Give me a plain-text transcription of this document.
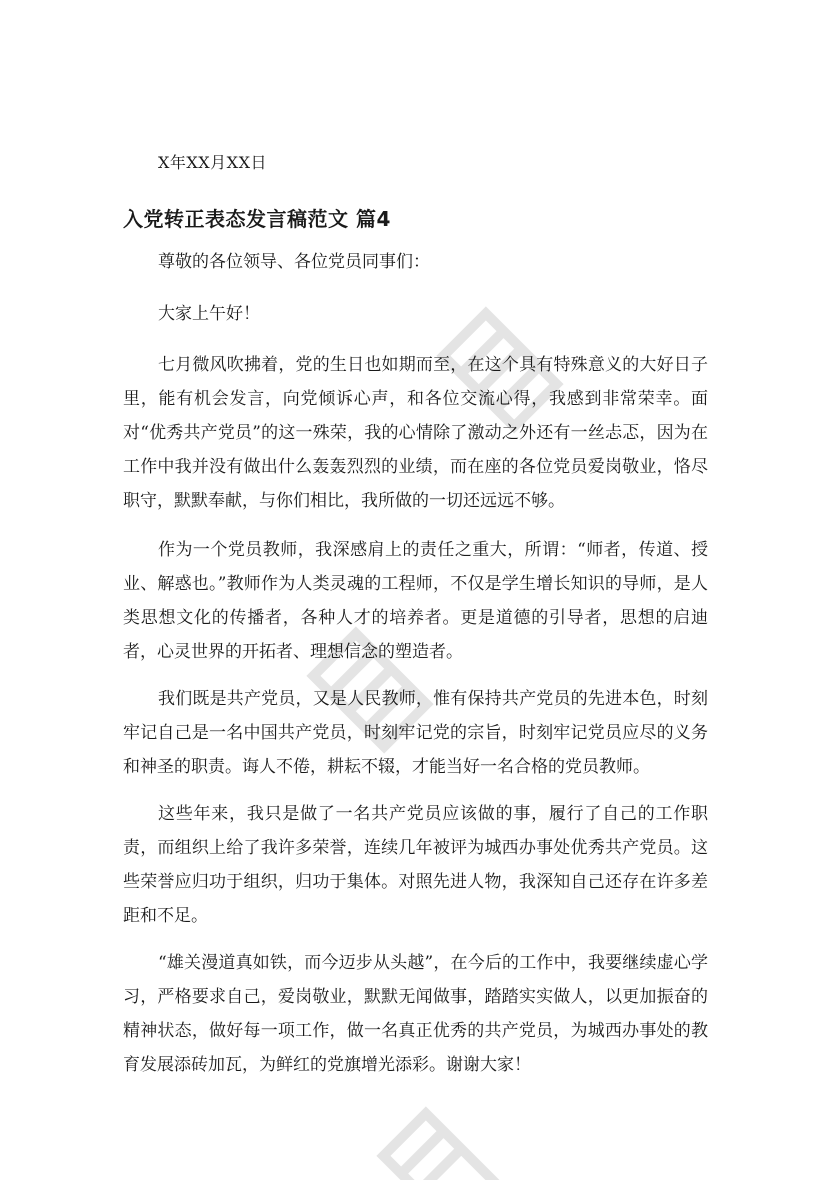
X年XX月XX日
入党转正表态发言稿范文 篇4

尊敬的各位领导、各位党员同事们：

大家上午好！

七月微风吹拂着，党的生日也如期而至，在这个具有特殊意义的大好日子里，能有机会发言，向党倾诉心声，和各位交流心得，我感到非常荣幸。面对“优秀共产党员”的这一殊荣，我的心情除了激动之外还有一丝忐忑，因为在工作中我并没有做出什么轰轰烈烈的业绩，而在座的各位党员爱岗敬业，恪尽职守，默默奉献，与你们相比，我所做的一切还远远不够。

作为一个党员教师，我深感肩上的责任之重大，所谓：“师者，传道、授业、解惑也。”教师作为人类灵魂的工程师，不仅是学生增长知识的导师，是人类思想文化的传播者，各种人才的培养者。更是道德的引导者，思想的启迪者，心灵世界的开拓者、理想信念的塑造者。

我们既是共产党员，又是人民教师，惟有保持共产党员的先进本色，时刻牢记自己是一名中国共产党员，时刻牢记党的宗旨，时刻牢记党员应尽的义务和神圣的职责。诲人不倦，耕耘不辍，才能当好一名合格的党员教师。

这些年来，我只是做了一名共产党员应该做的事，履行了自己的工作职责，而组织上给了我许多荣誉，连续几年被评为城西办事处优秀共产党员。这些荣誉应归功于组织，归功于集体。对照先进人物，我深知自己还存在许多差距和不足。

“雄关漫道真如铁，而今迈步从头越”，在今后的工作中，我要继续虚心学习，严格要求自己，爱岗敬业，默默无闻做事，踏踏实实做人，以更加振奋的精神状态，做好每一项工作，做一名真正优秀的共产党员，为城西办事处的教育发展添砖加瓦，为鲜红的党旗增光添彩。谢谢大家！
